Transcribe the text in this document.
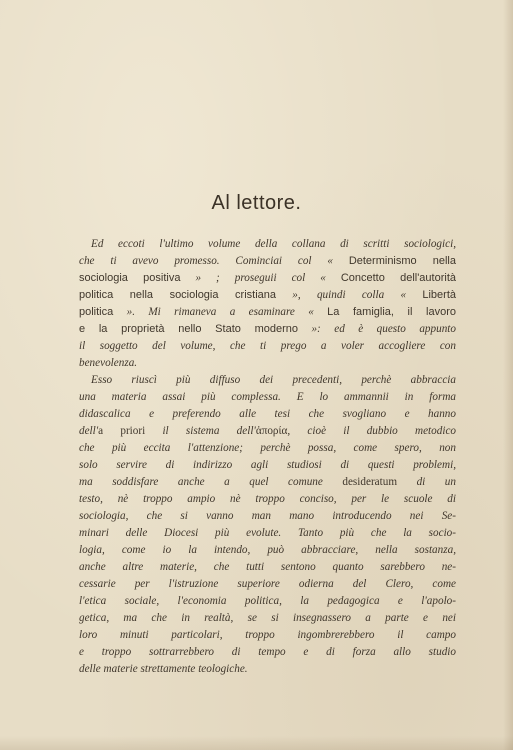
Al lettore.
Ed eccoti l'ultimo volume della collana di scritti sociologici,
che ti avevo promesso. Cominciai col « Determinismo nella
sociologia positiva » ; proseguii col « Concetto dell'autorità
politica nella sociologia cristiana », quindi colla « Libertà
politica ». Mi rimaneva a esaminare « La famiglia, il lavoro
e la proprietà nello Stato moderno »: ed è questo appunto
il soggetto del volume, che ti prego a voler accogliere con
benevolenza.
Esso riuscì più diffuso dei precedenti, perchè abbraccia
una materia assai più complessa. E lo ammannii in forma
didascalica e preferendo alle tesi che svogliano e hanno
dell'a priori il sistema dell'ἀπορία, cioè il dubbio metodico
che più eccita l'attenzione; perchè possa, come spero, non
solo servire di indirizzo agli studiosi di questi problemi,
ma soddisfare anche a quel comune desideratum di un
testo, nè troppo ampio nè troppo conciso, per le scuole di
sociologia, che si vanno man mano introducendo nei Se-
minari delle Diocesi più evolute. Tanto più che la socio-
logia, come io la intendo, può abbracciare, nella sostanza,
anche altre materie, che tutti sentono quanto sarebbero ne-
cessarie per l'istruzione superiore odierna del Clero, come
l'etica sociale, l'economia politica, la pedagogica e l'apolo-
getica, ma che in realtà, se si insegnassero a parte e nei
loro minuti particolari, troppo ingombrerebbero il campo
e troppo sottrarrebbero di tempo e di forza allo studio
delle materie strettamente teologiche.
